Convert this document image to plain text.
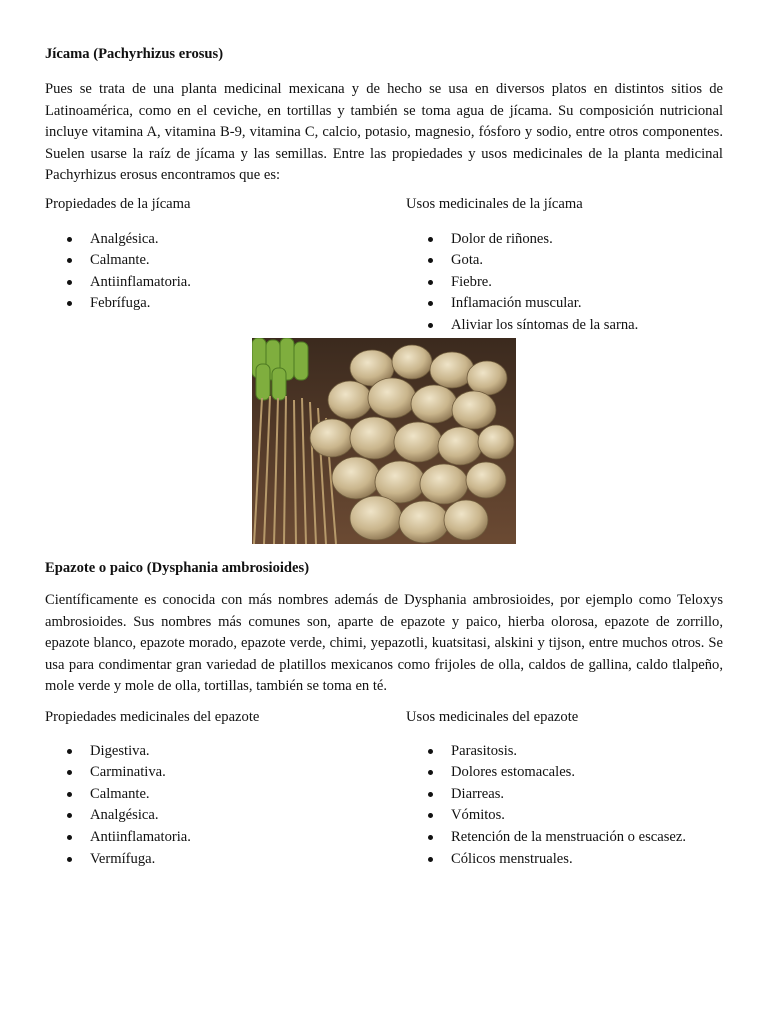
Jícama (Pachyrhizus erosus)

Pues se trata de una planta medicinal mexicana y de hecho se usa en diversos platos en distintos sitios de Latinoamérica, como en el ceviche, en tortillas y también se toma agua de jícama. Su composición nutricional incluye vitamina A, vitamina B-9, vitamina C, calcio, potasio, magnesio, fósforo y sodio, entre otros componentes. Suelen usarse la raíz de jícama y las semillas. Entre las propiedades y usos medicinales de la planta medicinal Pachyrhizus erosus encontramos que es:

Propiedades de la jícama

Analgésica.
Calmante.
Antiinflamatoria.
Febrífuga.

Usos medicinales de la jícama

Dolor de riñones.
Gota.
Fiebre.
Inflamación muscular.
Aliviar los síntomas de la sarna.
Epazote o paico (Dysphania ambrosioides)

Científicamente es conocida con más nombres además de Dysphania ambrosioides, por ejemplo como Teloxys ambrosioides. Sus nombres más comunes son, aparte de epazote y paico, hierba olorosa, epazote de zorrillo, epazote blanco, epazote morado, epazote verde, chimi, yepazotli, kuatsitasi, alskini y tijson, entre muchos otros. Se usa para condimentar gran variedad de platillos mexicanos como frijoles de olla, caldos de gallina, caldo tlalpeño, mole verde y mole de olla, tortillas, también se toma en té.

Propiedades medicinales del epazote

Digestiva.
Carminativa.
Calmante.
Analgésica.
Antiinflamatoria.
Vermífuga.

Usos medicinales del epazote

Parasitosis.
Dolores estomacales.
Diarreas.
Vómitos.
Retención de la menstruación o escasez.
Cólicos menstruales.
